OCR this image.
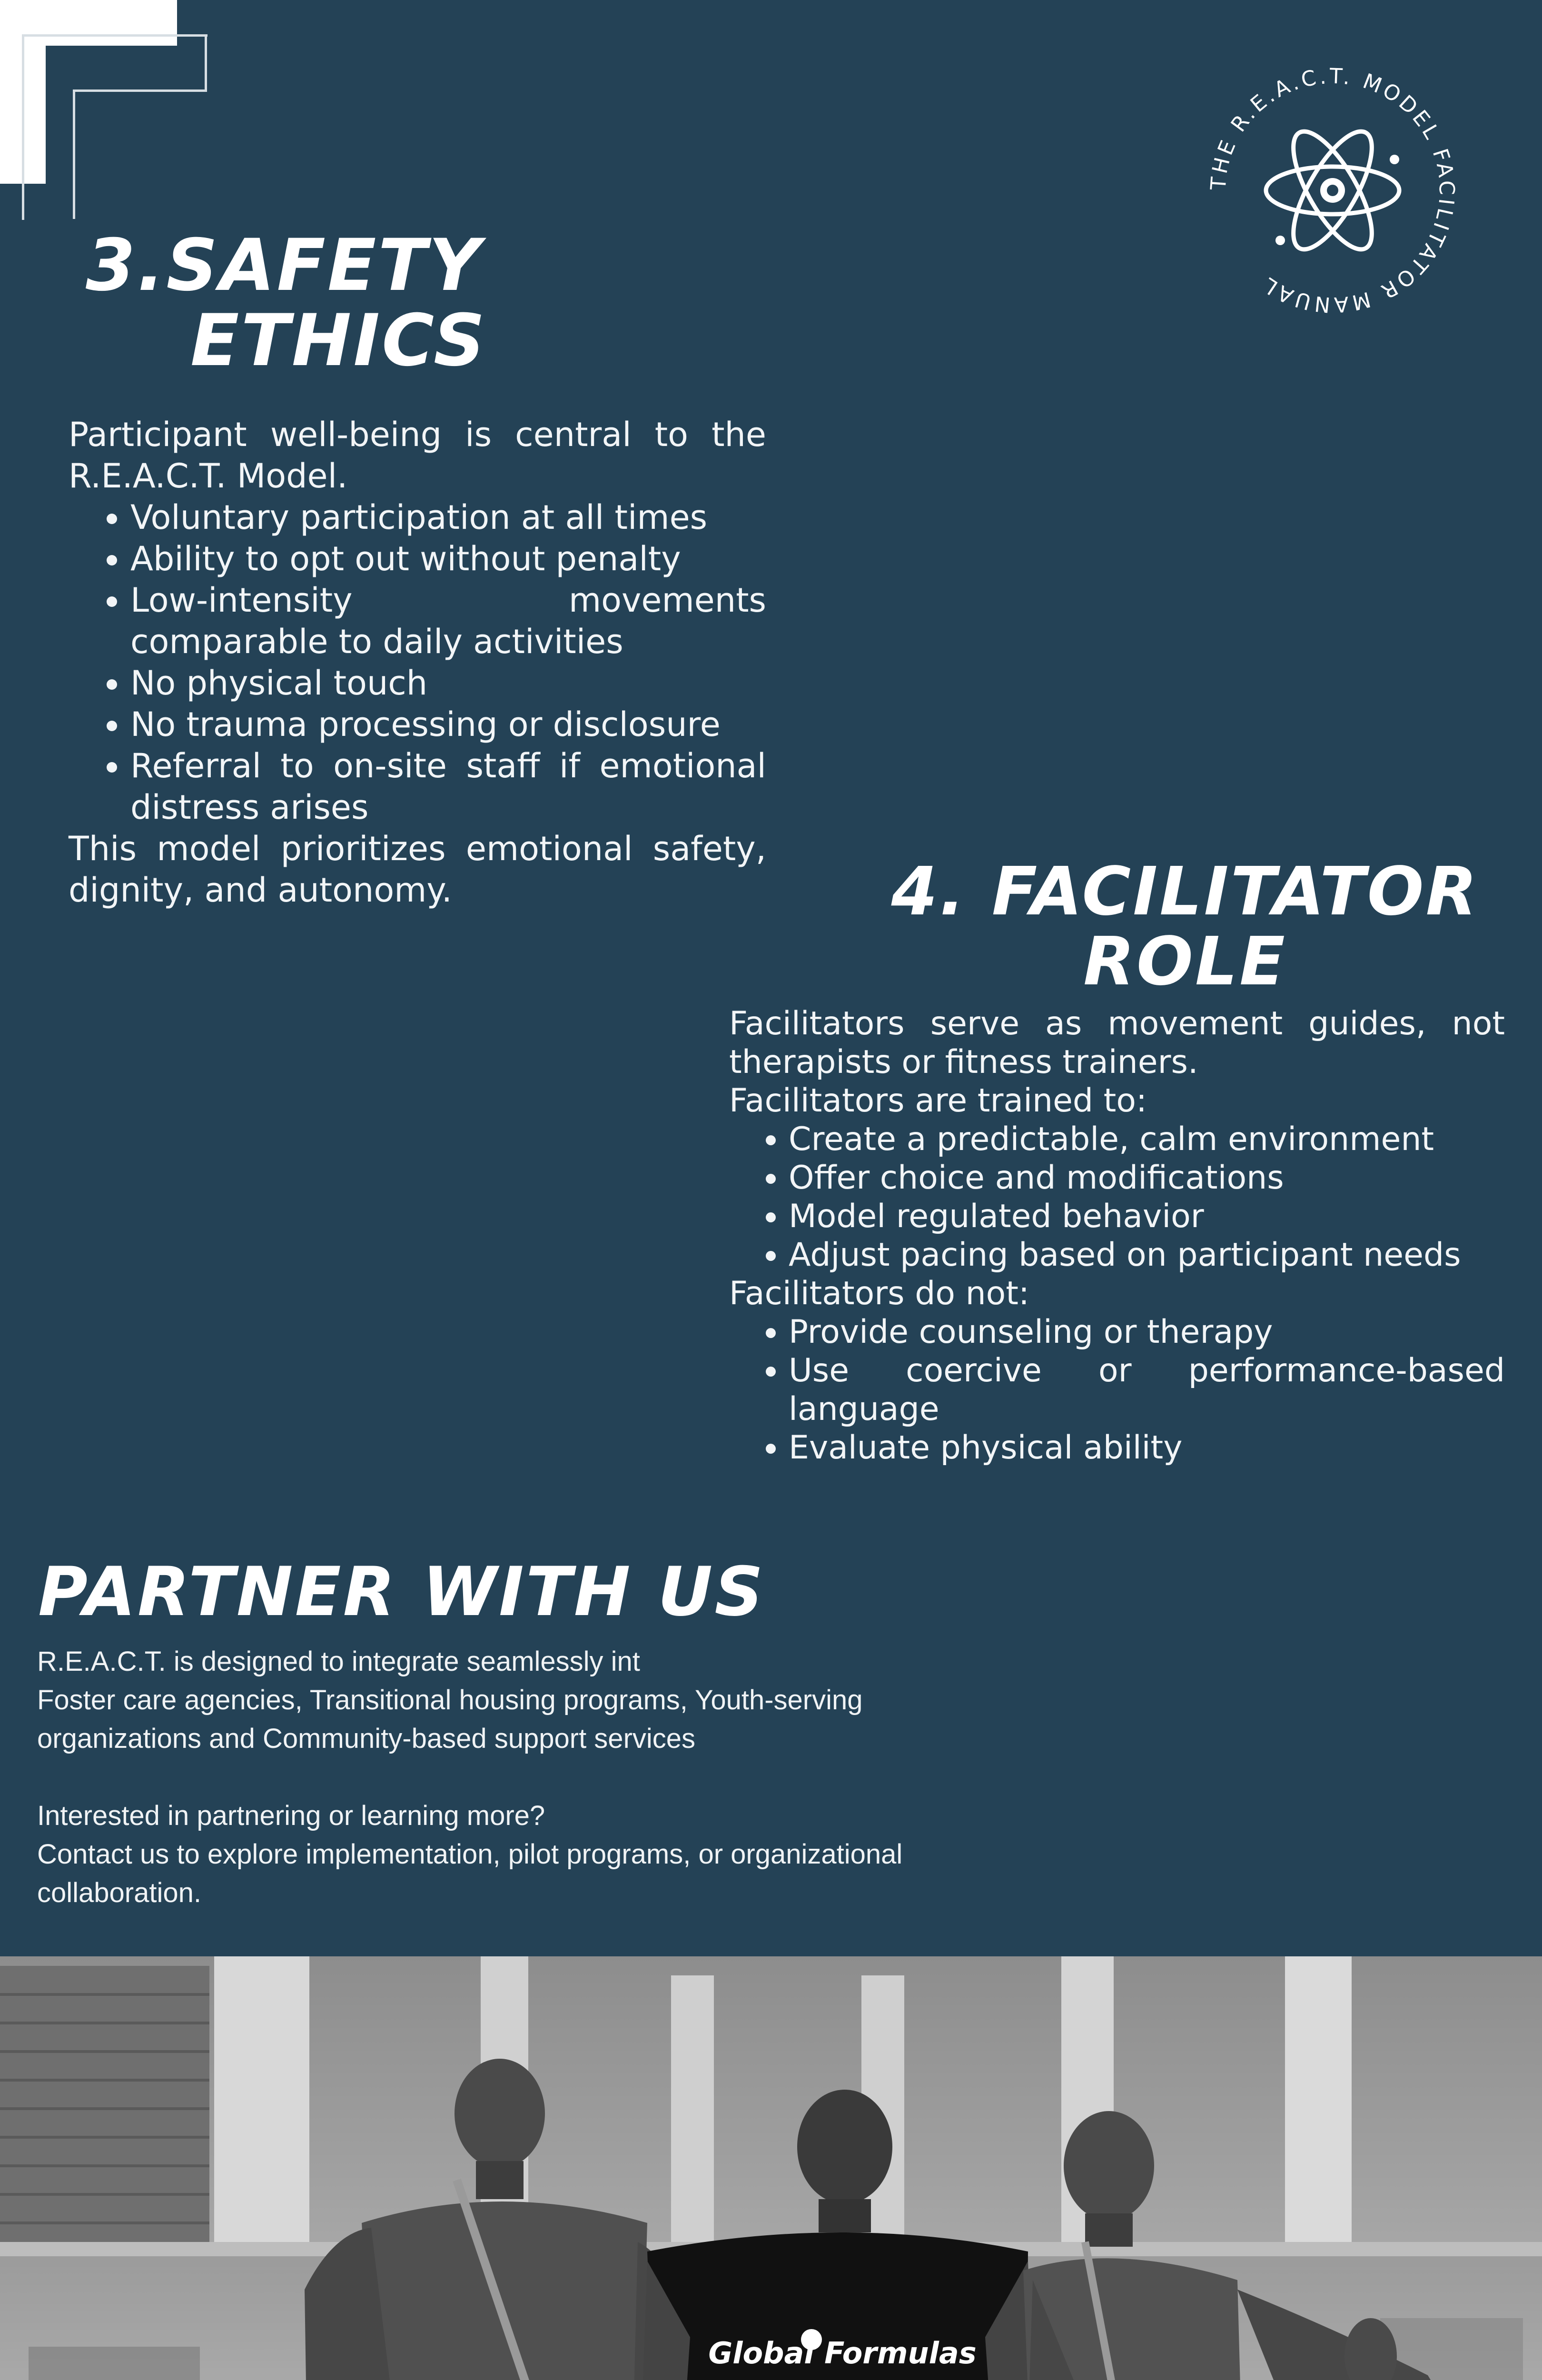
THE R.E.A.C.T. MODEL FACILITATOR MANUAL
3.SAFETY
ETHICS
Participant well-being is central to the R.E.A.C.T. Model.
• Voluntary participation at all times
• Ability to opt out without penalty
• Low-intensity movements comparable to daily activities
• No physical touch
• No trauma processing or disclosure
• Referral to on-site staff if emotional distress arises
This model prioritizes emotional safety, dignity, and autonomy.	4. FACILITATOR
ROLE
Facilitators serve as movement guides, not therapists or fitness trainers.
Facilitators are trained to:
• Create a predictable, calm environment
• Offer choice and modifications
• Model regulated behavior
• Adjust pacing based on participant needs
Facilitators do not:
• Provide counseling or therapy
• Use coercive or performance-based language
• Evaluate physical ability
PARTNER WITH US

R.E.A.C.T. is designed to integrate seamlessly int

Foster care agencies, Transitional housing programs, Youth-serving organizations and Community-based support services

Interested in partnering or learning more?

Contact us to explore implementation, pilot programs, or organizational collaboration.

Global Formulas
